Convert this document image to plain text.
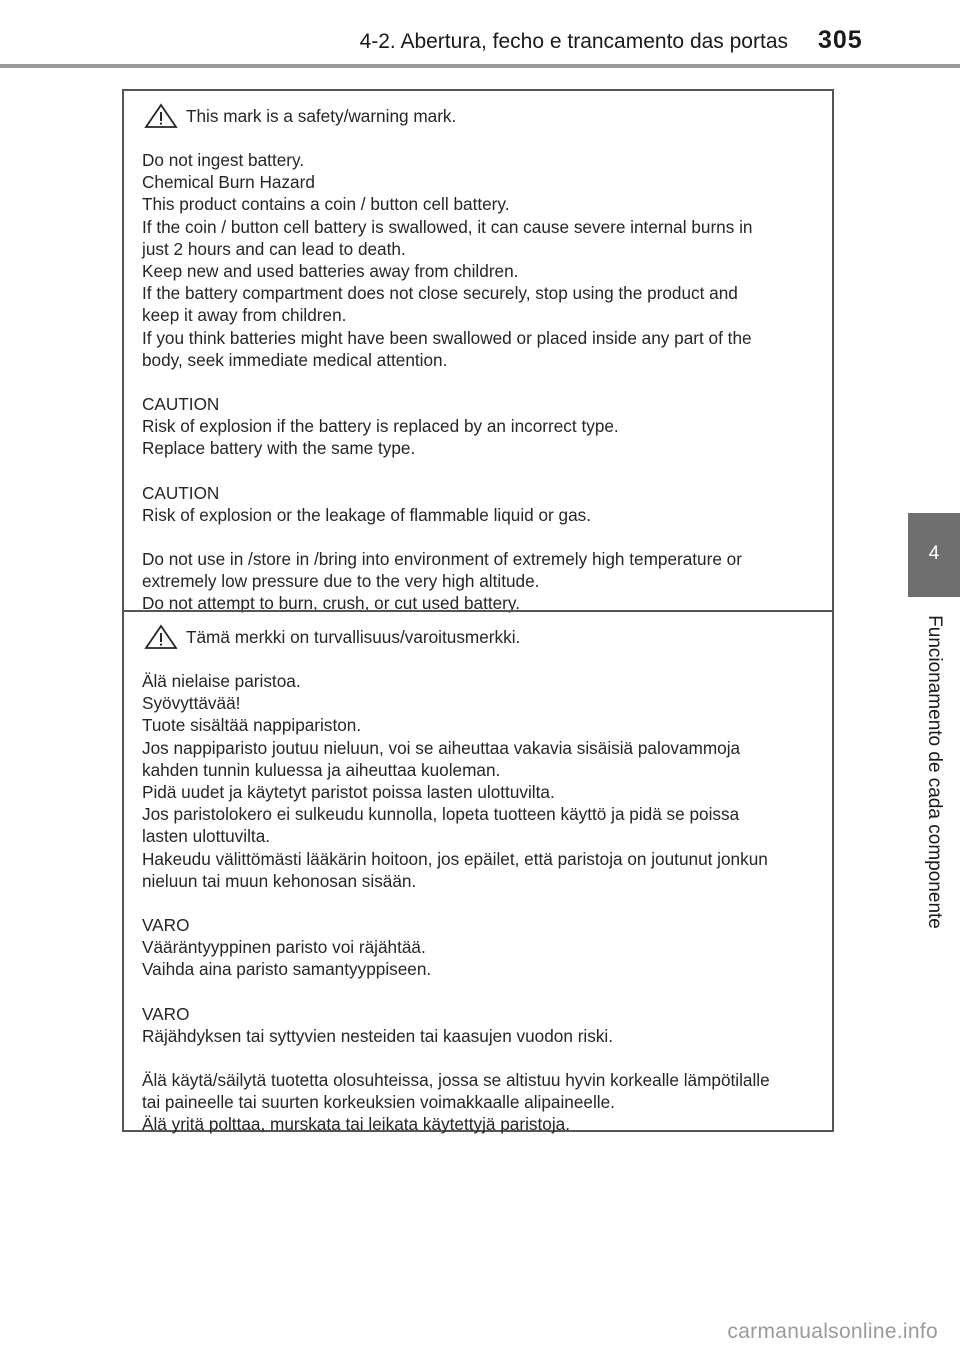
4-2. Abertura, fecho e trancamento das portas 305
4
Funcionamento de cada componente
This mark is a safety/warning mark.
Do not ingest battery.
Chemical Burn Hazard
This product contains a coin / button cell battery.
If the coin / button cell battery is swallowed, it can cause severe internal burns in
just 2 hours and can lead to death.
Keep new and used batteries away from children.
If the battery compartment does not close securely, stop using the product and
keep it away from children.
If you think batteries might have been swallowed or placed inside any part of the
body, seek immediate medical attention.
CAUTION
Risk of explosion if the battery is replaced by an incorrect type.
Replace battery with the same type.
CAUTION
Risk of explosion or the leakage of flammable liquid or gas.
Do not use in /store in /bring into environment of extremely high temperature or
extremely low pressure due to the very high altitude.
Do not attempt to burn, crush, or cut used battery.
Tämä merkki on turvallisuus/varoitusmerkki.
Älä nielaise paristoa.
Syövyttävää!
Tuote sisältää nappipariston.
Jos nappiparisto joutuu nieluun, voi se aiheuttaa vakavia sisäisiä palovammoja
kahden tunnin kuluessa ja aiheuttaa kuoleman.
Pidä uudet ja käytetyt paristot poissa lasten ulottuvilta.
Jos paristolokero ei sulkeudu kunnolla, lopeta tuotteen käyttö ja pidä se poissa
lasten ulottuvilta.
Hakeudu välittömästi lääkärin hoitoon, jos epäilet, että paristoja on joutunut jonkun
nieluun tai muun kehonosan sisään.
VARO
Vääräntyyppinen paristo voi räjähtää.
Vaihda aina paristo samantyyppiseen.
VARO
Räjähdyksen tai syttyvien nesteiden tai kaasujen vuodon riski.
Älä käytä/säilytä tuotetta olosuhteissa, jossa se altistuu hyvin korkealle lämpötilalle
tai paineelle tai suurten korkeuksien voimakkaalle alipaineelle.
Älä yritä polttaa, murskata tai leikata käytettyjä paristoja.
carmanualsonline.info
